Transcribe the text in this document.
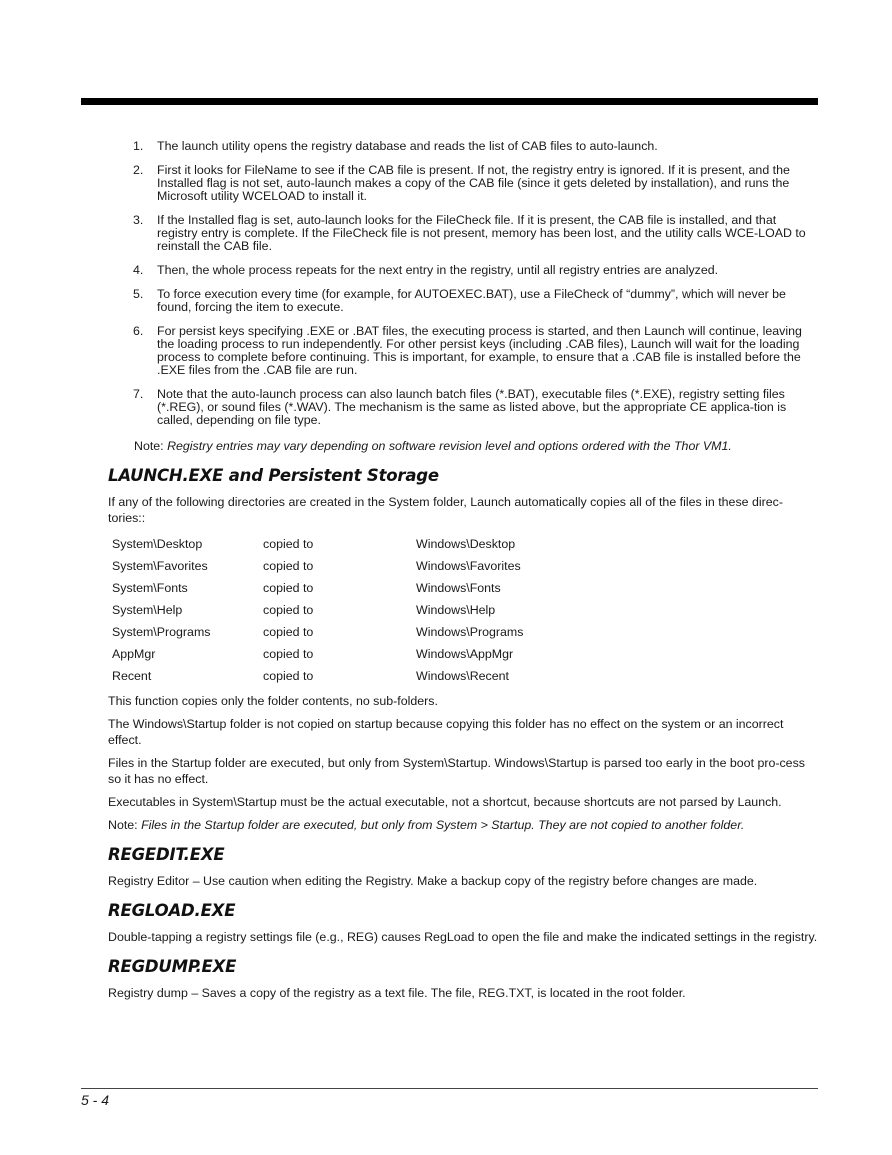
1. The launch utility opens the registry database and reads the list of CAB files to auto-launch.
2. First it looks for FileName to see if the CAB file is present. If not, the registry entry is ignored. If it is present, and the Installed flag is not set, auto-launch makes a copy of the CAB file (since it gets deleted by installation), and runs the Microsoft utility WCELOAD to install it.
3. If the Installed flag is set, auto-launch looks for the FileCheck file. If it is present, the CAB file is installed, and that registry entry is complete. If the FileCheck file is not present, memory has been lost, and the utility calls WCE-LOAD to reinstall the CAB file.
4. Then, the whole process repeats for the next entry in the registry, until all registry entries are analyzed.
5. To force execution every time (for example, for AUTOEXEC.BAT), use a FileCheck of “dummy”, which will never be found, forcing the item to execute.
6. For persist keys specifying .EXE or .BAT files, the executing process is started, and then Launch will continue, leaving the loading process to run independently. For other persist keys (including .CAB files), Launch will wait for the loading process to complete before continuing. This is important, for example, to ensure that a .CAB file is installed before the .EXE files from the .CAB file are run.
7. Note that the auto-launch process can also launch batch files (*.BAT), executable files (*.EXE), registry setting files (*.REG), or sound files (*.WAV). The mechanism is the same as listed above, but the appropriate CE applica-tion is called, depending on file type.

Note: Registry entries may vary depending on software revision level and options ordered with the Thor VM1.

LAUNCH.EXE and Persistent Storage

If any of the following directories are created in the System folder, Launch automatically copies all of the files in these direc-tories::

System\Desktop	copied to	Windows\Desktop
System\Favorites	copied to	Windows\Favorites
System\Fonts	copied to	Windows\Fonts
System\Help	copied to	Windows\Help
System\Programs	copied to	Windows\Programs
AppMgr	copied to	Windows\AppMgr
Recent	copied to	Windows\Recent

This function copies only the folder contents, no sub-folders.

The Windows\Startup folder is not copied on startup because copying this folder has no effect on the system or an incorrect effect.

Files in the Startup folder are executed, but only from System\Startup. Windows\Startup is parsed too early in the boot pro-cess so it has no effect.

Executables in System\Startup must be the actual executable, not a shortcut, because shortcuts are not parsed by Launch.

Note: Files in the Startup folder are executed, but only from System > Startup. They are not copied to another folder.

REGEDIT.EXE

Registry Editor – Use caution when editing the Registry. Make a backup copy of the registry before changes are made.

REGLOAD.EXE

Double-tapping a registry settings file (e.g., REG) causes RegLoad to open the file and make the indicated settings in the registry.

REGDUMP.EXE

Registry dump – Saves a copy of the registry as a text file. The file, REG.TXT, is located in the root folder.

5 - 4
